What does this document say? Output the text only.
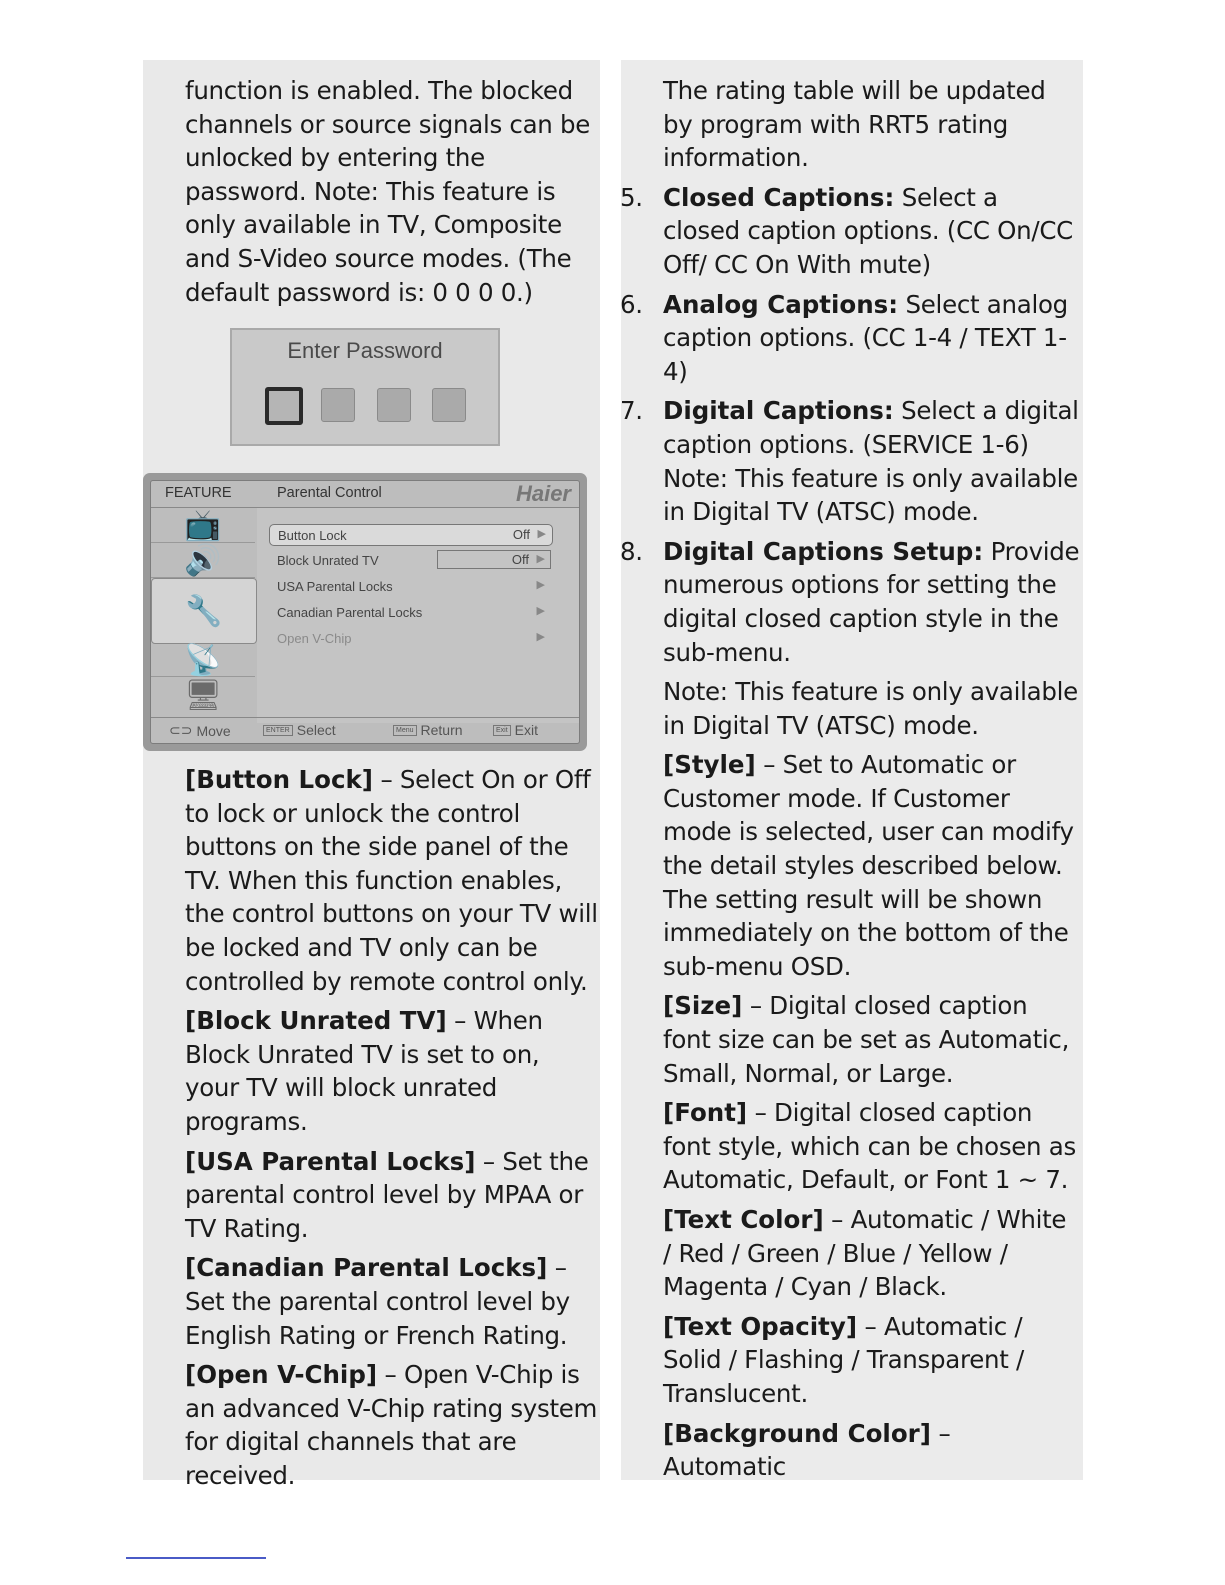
function is enabled. The blocked channels or source signals can be unlocked by entering the password. Note: This feature is only available in TV, Composite and S-Video source modes. (The default password is: 0 0 0 0.)

Enter Password
FEATURE	Parental Control	Haier
📺
🔊
🔧
📡
🖥
Button Lock	Off ▶
Block Unrated TV	Off ▶
USA Parental Locks	▶
Canadian Parental Locks	▶
Open V-Chip	▶
⊂⊃ Move	ENTER Select	Menu Return	Exit Exit

[Button Lock] – Select On or Off to lock or unlock the control buttons on the side panel of the TV. When this function enables, the control buttons on your TV will be locked and TV only can be controlled by remote control only.

[Block Unrated TV] – When Block Unrated TV is set to on, your TV will block unrated programs.

[USA Parental Locks] – Set the parental control level by MPAA or TV Rating.

[Canadian Parental Locks] – Set the parental control level by English Rating or French Rating.

[Open V-Chip] – Open V-Chip is an advanced V-Chip rating system for digital channels that are received.

The rating table will be updated by program with RRT5 rating information.

5. Closed Captions: Select a closed caption options. (CC On/CC Off/ CC On With mute)
6. Analog Captions: Select analog caption options. (CC 1-4 / TEXT 1-4)
7. Digital Captions: Select a digital caption options. (SERVICE 1-6) Note: This feature is only available in Digital TV (ATSC) mode.
8. Digital Captions Setup: Provide numerous options for setting the digital closed caption style in the sub-menu.

Note: This feature is only available in Digital TV (ATSC) mode.

[Style] – Set to Automatic or Customer mode. If Customer mode is selected, user can modify the detail styles described below. The setting result will be shown immediately on the bottom of the sub-menu OSD.

[Size] – Digital closed caption font size can be set as Automatic, Small, Normal, or Large.

[Font] – Digital closed caption font style, which can be chosen as Automatic, Default, or Font 1 ~ 7.

[Text Color] – Automatic / White / Red / Green / Blue / Yellow / Magenta / Cyan / Black.

[Text Opacity] – Automatic / Solid / Flashing / Transparent / Translucent.

[Background Color] – Automatic
